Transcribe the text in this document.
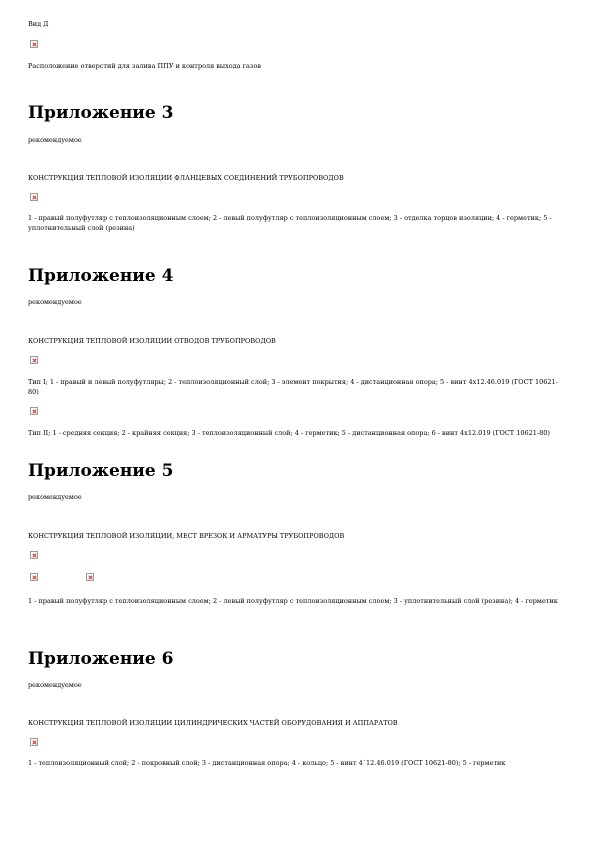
Вид Д
Расположение отверстий для залива ППУ и контроля выхода газов
Приложение 3
рекомендуемое
КОНСТРУКЦИЯ ТЕПЛОВОЙ ИЗОЛЯЦИИ ФЛАНЦЕВЫХ СОЕДИНЕНИЙ ТРУБОПРОВОДОВ
1 - правый полуфутляр с теплоизоляционным слоем; 2 - левый полуфутляр с теплоизоляционным слоем; 3 - отделка торцов изоляции; 4 - герметик; 5 - уплотнительный слой (резина)
Приложение 4
рекомендуемое
КОНСТРУКЦИЯ ТЕПЛОВОЙ ИЗОЛЯЦИИ ОТВОДОВ ТРУБОПРОВОДОВ
Тип I; 1 - правый и левый полуфутляры; 2 - теплоизоляционный слой; 3 - элемент покрытия; 4 - дистанционная опора; 5 - винт 4х12.46.019 (ГОСТ 10621-80)
Тип II; 1 - средняя секция; 2 - крайняя секция; 3 - теплоизоляционный слой; 4 - герметик; 5 - дистанционная опора; 6 - винт 4х12.019 (ГОСТ 10621-80)
Приложение 5
рекомендуемое
КОНСТРУКЦИЯ ТЕПЛОВОЙ ИЗОЛЯЦИИ, МЕСТ ВРЕЗОК И АРМАТУРЫ ТРУБОПРОВОДОВ
1 - правый полуфутляр с теплоизоляционным слоем; 2 - левый полуфутляр с теплоизоляционным слоем; 3 - уплотнительный слой (резина); 4 - герметик
Приложение 6
рекомендуемое
КОНСТРУКЦИЯ ТЕПЛОВОЙ ИЗОЛЯЦИИ ЦИЛИНДРИЧЕСКИХ ЧАСТЕЙ ОБОРУДОВАНИЯ И АППАРАТОВ
1 - теплоизоляционный слой; 2 - покровный слой; 3 - дистанционная опора; 4 - кольцо; 5 - винт 4´12.46.019 (ГОСТ 10621-80); 5 - герметик
